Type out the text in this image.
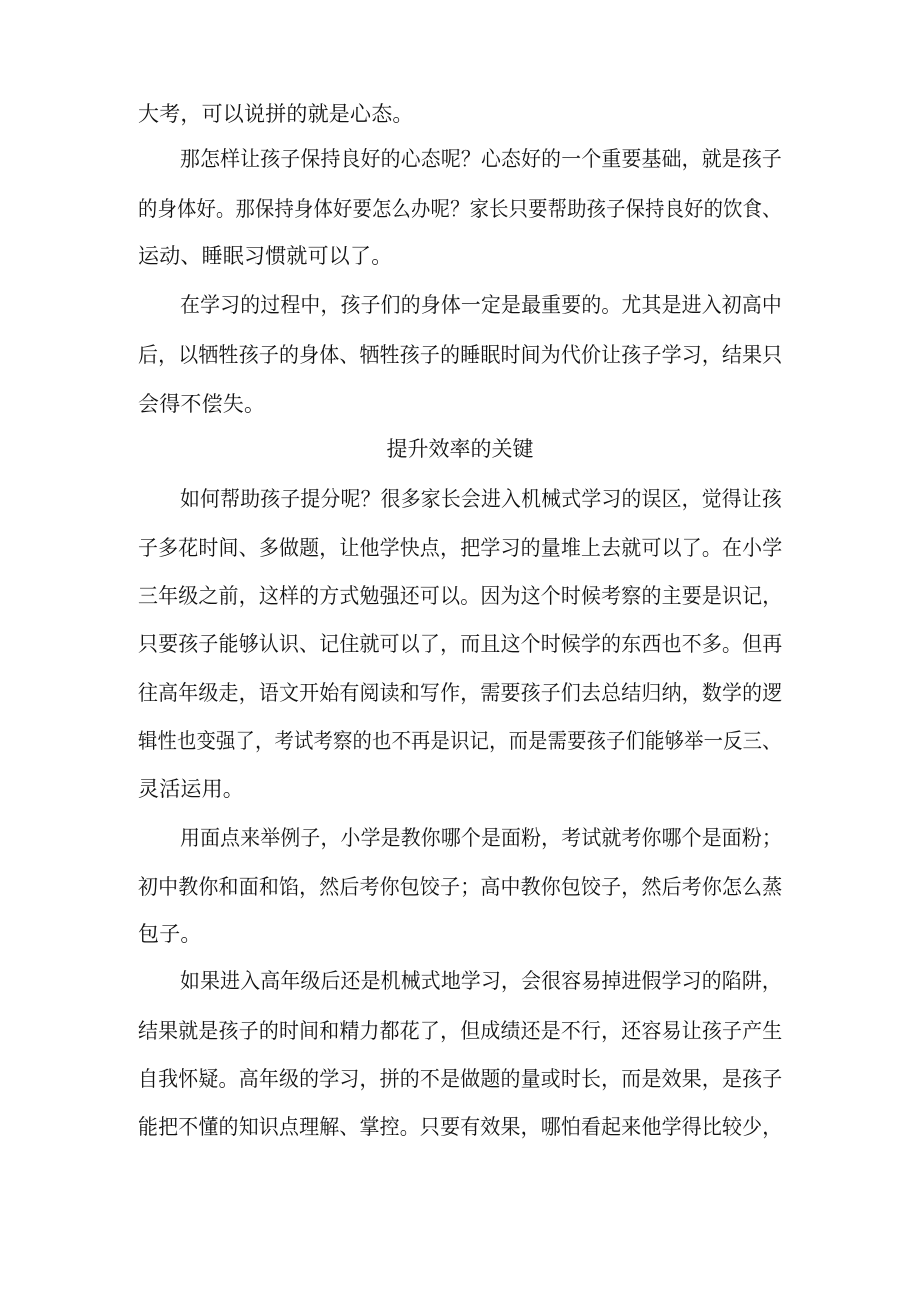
大考，可以说拼的就是心态。
那怎样让孩子保持良好的心态呢？心态好的一个重要基础，就是孩子
的身体好。那保持身体好要怎么办呢？家长只要帮助孩子保持良好的饮食、
运动、睡眠习惯就可以了。
在学习的过程中，孩子们的身体一定是最重要的。尤其是进入初高中
后，以牺牲孩子的身体、牺牲孩子的睡眠时间为代价让孩子学习，结果只
会得不偿失。
提升效率的关键
如何帮助孩子提分呢？很多家长会进入机械式学习的误区，觉得让孩
子多花时间、多做题，让他学快点，把学习的量堆上去就可以了。在小学
三年级之前，这样的方式勉强还可以。因为这个时候考察的主要是识记，
只要孩子能够认识、记住就可以了，而且这个时候学的东西也不多。但再
往高年级走，语文开始有阅读和写作，需要孩子们去总结归纳，数学的逻
辑性也变强了，考试考察的也不再是识记，而是需要孩子们能够举一反三、
灵活运用。
用面点来举例子，小学是教你哪个是面粉，考试就考你哪个是面粉；
初中教你和面和馅，然后考你包饺子；高中教你包饺子，然后考你怎么蒸
包子。
如果进入高年级后还是机械式地学习，会很容易掉进假学习的陷阱，
结果就是孩子的时间和精力都花了，但成绩还是不行，还容易让孩子产生
自我怀疑。高年级的学习，拼的不是做题的量或时长，而是效果，是孩子
能把不懂的知识点理解、掌控。只要有效果，哪怕看起来他学得比较少，
